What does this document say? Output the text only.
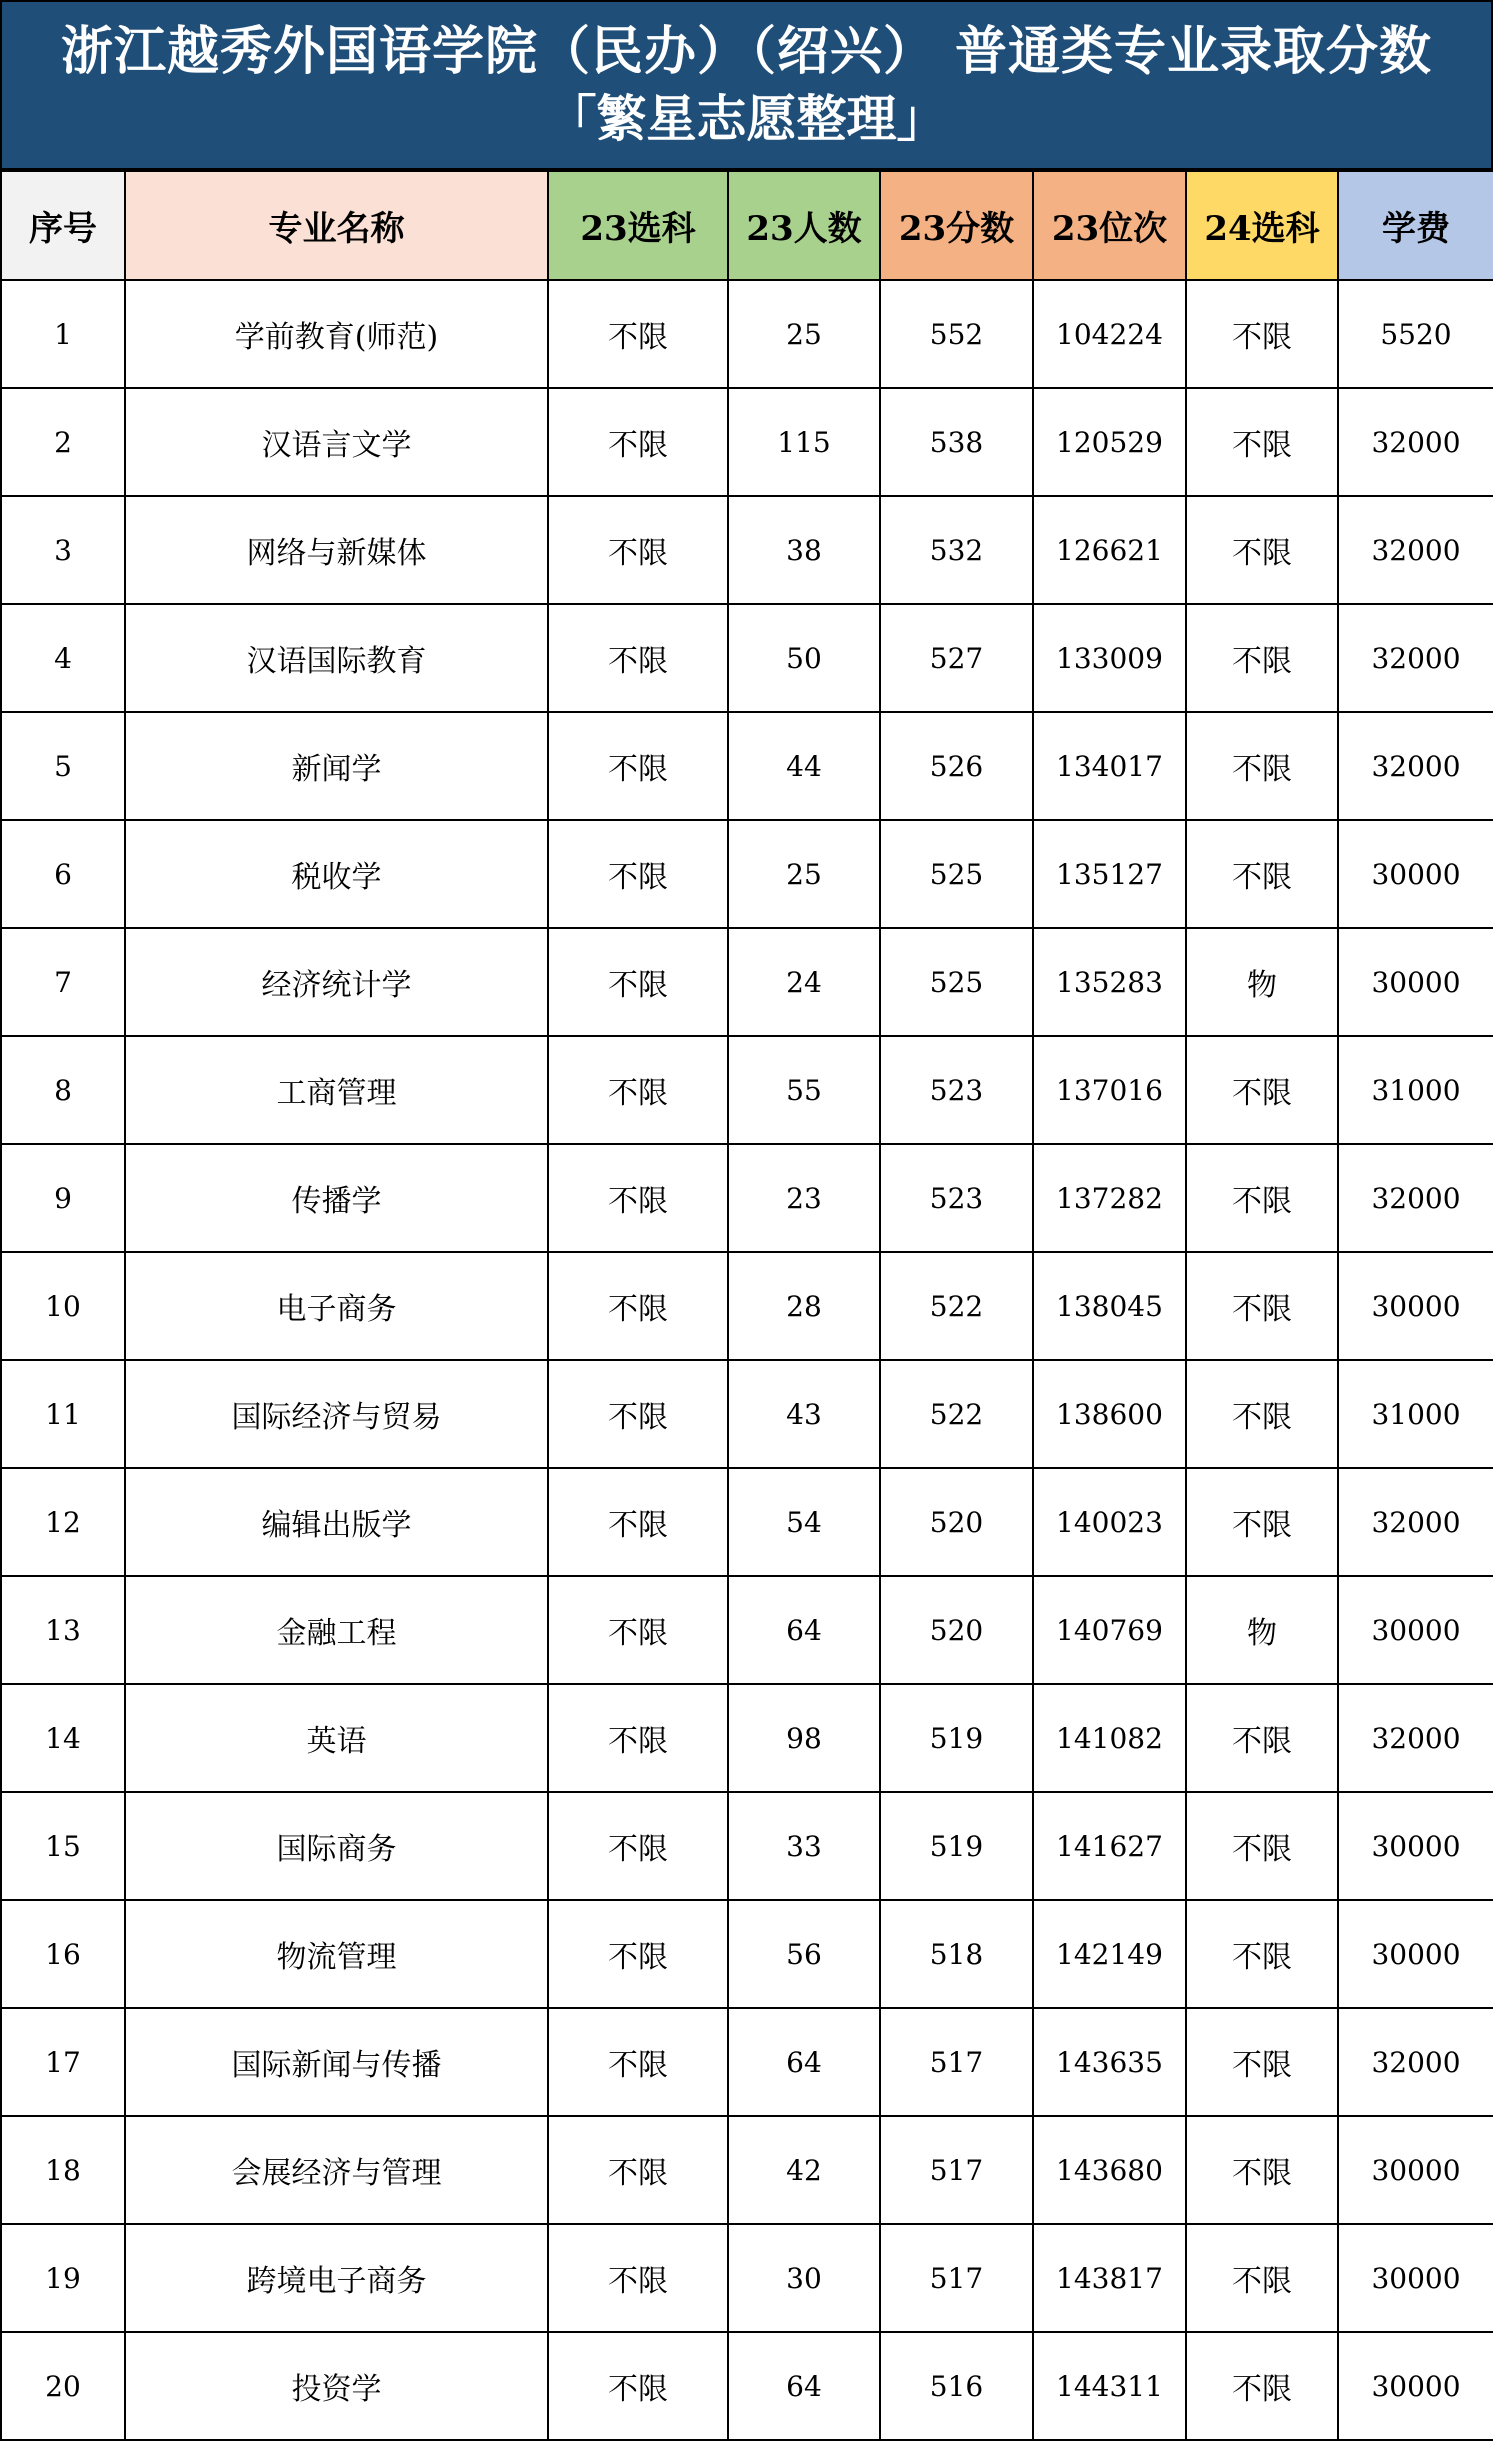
浙江越秀外国语学院（民办）（绍兴） 普通类专业录取分数
「繁星志愿整理」
序号	专业名称	23选科	23人数	23分数	23位次	24选科	学费
1	学前教育(师范)	不限	25	552	104224	不限	5520
2	汉语言文学	不限	115	538	120529	不限	32000
3	网络与新媒体	不限	38	532	126621	不限	32000
4	汉语国际教育	不限	50	527	133009	不限	32000
5	新闻学	不限	44	526	134017	不限	32000
6	税收学	不限	25	525	135127	不限	30000
7	经济统计学	不限	24	525	135283	物	30000
8	工商管理	不限	55	523	137016	不限	31000
9	传播学	不限	23	523	137282	不限	32000
10	电子商务	不限	28	522	138045	不限	30000
11	国际经济与贸易	不限	43	522	138600	不限	31000
12	编辑出版学	不限	54	520	140023	不限	32000
13	金融工程	不限	64	520	140769	物	30000
14	英语	不限	98	519	141082	不限	32000
15	国际商务	不限	33	519	141627	不限	30000
16	物流管理	不限	56	518	142149	不限	30000
17	国际新闻与传播	不限	64	517	143635	不限	32000
18	会展经济与管理	不限	42	517	143680	不限	30000
19	跨境电子商务	不限	30	517	143817	不限	30000
20	投资学	不限	64	516	144311	不限	30000
